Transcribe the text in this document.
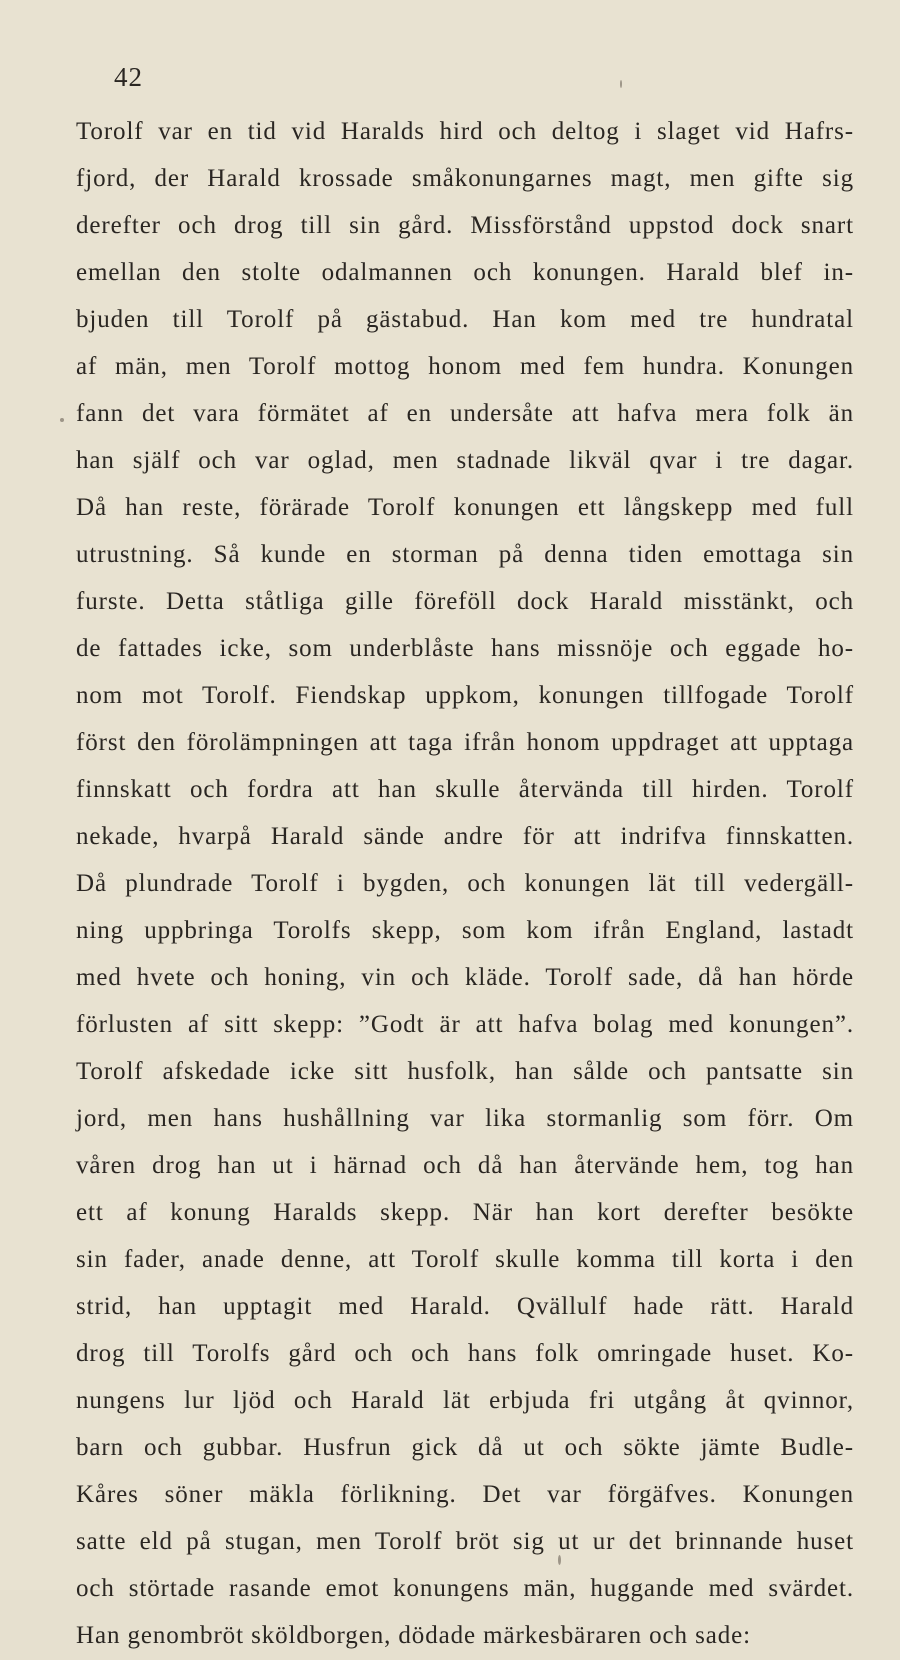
42
Torolf var en tid vid Haralds hird och deltog i slaget vid Hafrs-
fjord, der Harald krossade småkonungarnes magt, men gifte sig
derefter och drog till sin gård. Missförstånd uppstod dock snart
emellan den stolte odalmannen och konungen. Harald blef in-
bjuden till Torolf på gästabud. Han kom med tre hundratal
af män, men Torolf mottog honom med fem hundra. Konungen
fann det vara förmätet af en undersåte att hafva mera folk än
han själf och var oglad, men stadnade likväl qvar i tre dagar.
Då han reste, förärade Torolf konungen ett långskepp med full
utrustning. Så kunde en storman på denna tiden emottaga sin
furste. Detta ståtliga gille föreföll dock Harald misstänkt, och
de fattades icke, som underblåste hans missnöje och eggade ho-
nom mot Torolf. Fiendskap uppkom, konungen tillfogade Torolf
först den förolämpningen att taga ifrån honom uppdraget att upptaga
finnskatt och fordra att han skulle återvända till hirden. Torolf
nekade, hvarpå Harald sände andre för att indrifva finnskatten.
Då plundrade Torolf i bygden, och konungen lät till vedergäll-
ning uppbringa Torolfs skepp, som kom ifrån England, lastadt
med hvete och honing, vin och kläde. Torolf sade, då han hörde
förlusten af sitt skepp: ”Godt är att hafva bolag med konungen”.
Torolf afskedade icke sitt husfolk, han sålde och pantsatte sin
jord, men hans hushållning var lika stormanlig som förr. Om
våren drog han ut i härnad och då han återvände hem, tog han
ett af konung Haralds skepp. När han kort derefter besökte
sin fader, anade denne, att Torolf skulle komma till korta i den
strid, han upptagit med Harald. Qvällulf hade rätt. Harald
drog till Torolfs gård och och hans folk omringade huset. Ko-
nungens lur ljöd och Harald lät erbjuda fri utgång åt qvinnor,
barn och gubbar. Husfrun gick då ut och sökte jämte Budle-
Kåres söner mäkla förlikning. Det var förgäfves. Konungen
satte eld på stugan, men Torolf bröt sig ut ur det brinnande huset
och störtade rasande emot konungens män, huggande med svärdet.
Han genombröt sköldborgen, dödade märkesbäraren och sade:
